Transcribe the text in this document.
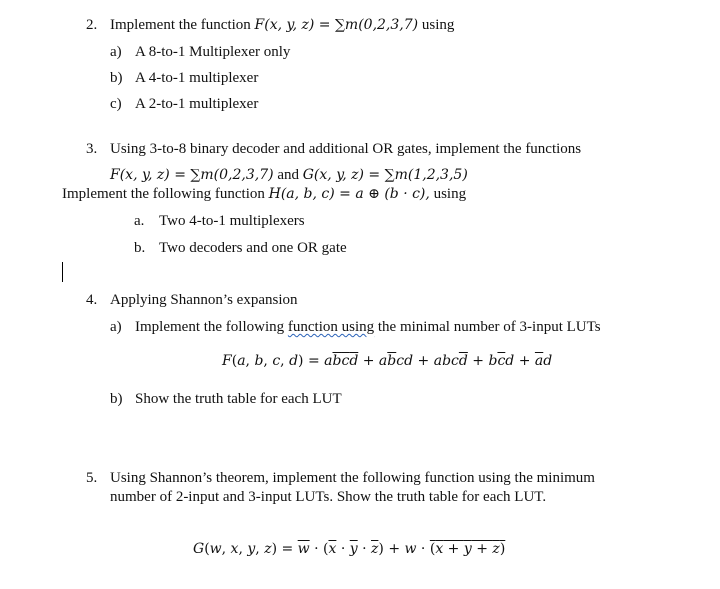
2. Implement the function F(x, y, z) = ∑m(0,2,3,7) using
a) A 8-to-1 Multiplexer only
b) A 4-to-1 multiplexer
c) A 2-to-1 multiplexer
3. Using 3-to-8 binary decoder and additional OR gates, implement the functions
F(x, y, z) = ∑m(0,2,3,7) and G(x, y, z) = ∑m(1,2,3,5)
Implement the following function H(a, b, c) = a ⊕ (b · c), using
a. Two 4-to-1 multiplexers
b. Two decoders and one OR gate
4. Applying Shannon’s expansion
a) Implement the following function using the minimal number of 3-input LUTs
F(a, b, c, $d) = a\overline{b}\overline{c}\overline{d} + a\overline{b}cd + abc\overline{d} + b\overline{c}d + \overline{a}d$
b) Show the truth table for each LUT
5. Using Shannon’s theorem, implement the following function using the minimum
number of 2-input and 3-input LUTs. Show the truth table for each LUT.
G(w, x, y, $z) = \overline{w} \cdot (\overline{x} \cdot \overline{y} \cdot \overline{z}) + w \cdot (x + y + z)$
